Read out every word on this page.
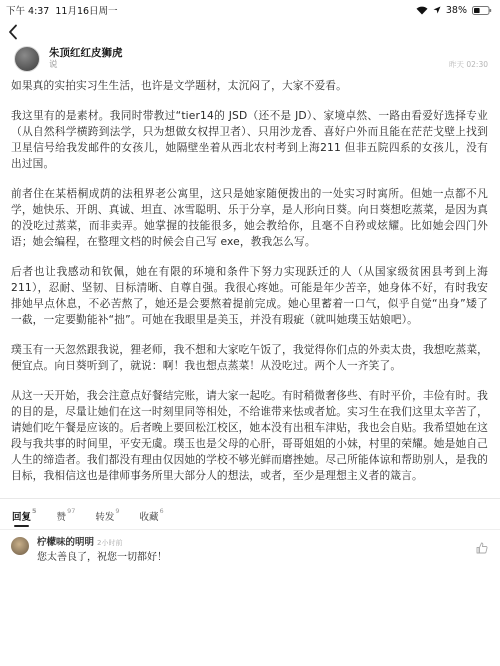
下午 4:37 11月16日周一	38%
朱顶红红皮狮虎
说	昨天 02:30

如果真的实拍实习生生活，也许是文学题材，太沉闷了，大家不爱看。

我这里有的是素材。我同时带教过“tier14的 JSD（还不是 JD）、家境卓然、一路由看爱好选择专业（从自然科学横跨到法学，只为想做女权捍卫者）、只用沙龙香、喜好户外而且能在茫茫戈壁上找到卫星信号给我发邮件的女孩儿，她隔壁坐着从西北农村考到上海211 但非五院四系的女孩儿，没有出过国。

前者住在某梧桐成荫的法租界老公寓里，这只是她家随便拨出的一处实习时寓所。但她一点都不凡学，她快乐、开朗、真诚、坦直、冰雪聪明、乐于分享，是人形向日葵。向日葵想吃蒸菜，是因为真的没吃过蒸菜，而非卖弄。她掌握的技能很多，她会教给你，且毫不自矜或炫耀。比如她会四门外语；她会编程，在整理文档的时候会自己写 exe，教我怎么写。

后者也让我感动和钦佩，她在有限的环境和条件下努力实现跃迁的人（从国家级贫困县考到上海211），忍耐、坚韧、目标清晰、自尊自强。我很心疼她。可能是年少苦辛，她身体不好，有时我安排她早点休息，不必苦熬了，她还是会要熬着提前完成。她心里蓄着一口气，似乎自觉“出身”矮了一截，一定要勤能补“拙”。可她在我眼里是美玉，并没有瑕疵（就叫她璞玉姑娘吧）。

璞玉有一天忽然跟我说，狸老师，我不想和大家吃午饭了，我觉得你们点的外卖太贵，我想吃蒸菜，便宜点。向日葵听到了，就说：啊！我也想点蒸菜！从没吃过。两个人一齐笑了。

从这一天开始，我会注意点好餐结完账，请大家一起吃。有时稍微奢侈些、有时平价，丰俭有时。我的目的是，尽量让她们在这一时刻里同等相处，不给谁带来怯或者尬。实习生在我们这里太辛苦了，请她们吃午餐是应该的。后者晚上要回松江校区，她本没有出租车津贴，我也会自贴。我希望她在这段与我共事的时间里，平安无虞。璞玉也是父母的心肝，哥哥姐姐的小妹，村里的荣耀。她是她自己人生的缔造者。我们都没有理由仅因她的学校不够光鲜而磨挫她。尽己所能体谅和帮助别人，是我的目标，我相信这也是律师事务所里大部分人的想法，或者，至少是理想主义者的箴言。

回复
5
赞
97
转发
9
收藏
6
柠檬味的明明 2小时前
您太善良了，祝您一切都好！
